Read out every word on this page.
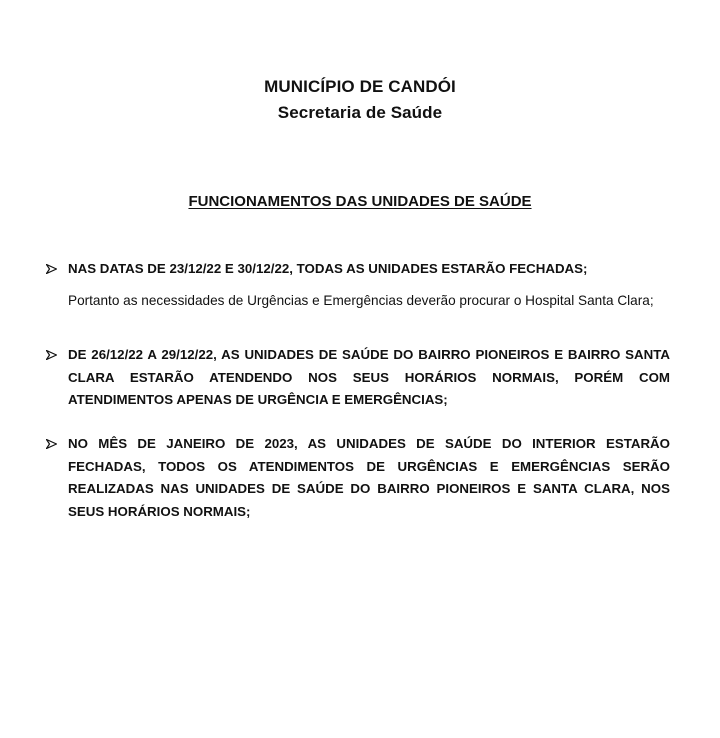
MUNICÍPIO DE CANDÓI
Secretaria de Saúde
FUNCIONAMENTOS DAS UNIDADES DE SAÚDE
NAS DATAS DE 23/12/22 E 30/12/22, TODAS AS UNIDADES ESTARÃO FECHADAS;
Portanto as necessidades de Urgências e Emergências deverão procurar o Hospital Santa Clara;
DE 26/12/22 A 29/12/22, AS UNIDADES DE SAÚDE DO BAIRRO PIONEIROS E BAIRRO SANTA CLARA ESTARÃO ATENDENDO NOS SEUS HORÁRIOS NORMAIS, PORÉM COM ATENDIMENTOS APENAS DE URGÊNCIA E EMERGÊNCIAS;
NO MÊS DE JANEIRO DE 2023, AS UNIDADES DE SAÚDE DO INTERIOR ESTARÃO FECHADAS, TODOS OS ATENDIMENTOS DE URGÊNCIAS E EMERGÊNCIAS SERÃO REALIZADAS NAS UNIDADES DE SAÚDE DO BAIRRO PIONEIROS E SANTA CLARA, NOS SEUS HORÁRIOS NORMAIS;
